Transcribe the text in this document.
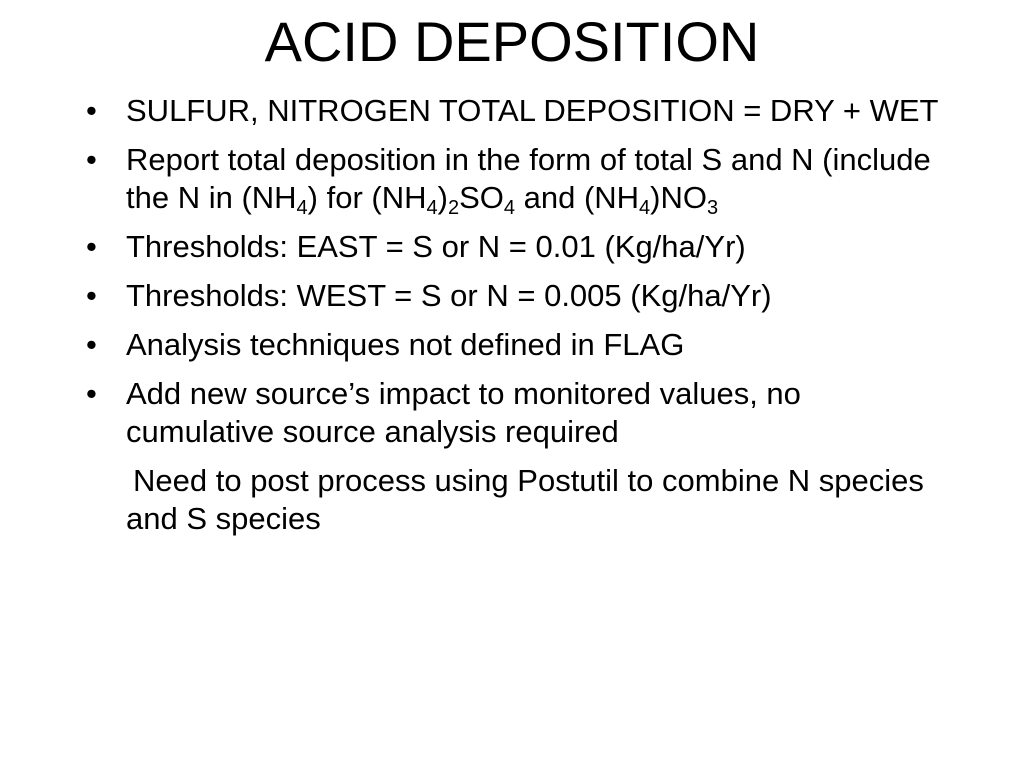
ACID DEPOSITION
• SULFUR, NITROGEN TOTAL DEPOSITION = DRY + WET
• Report total deposition in the form of total S and N (include the N in $(NH_4)$ for $(NH_4)_2SO_4$ and $(NH_4)NO_3$
• Thresholds: EAST = S or N = 0.01 (Kg/ha/Yr)
• Thresholds: WEST = S or N = 0.005 (Kg/ha/Yr)
• Analysis techniques not defined in FLAG
• Add new source’s impact to monitored values, no cumulative source analysis required
Need to post process using Postutil to combine N species and S species
